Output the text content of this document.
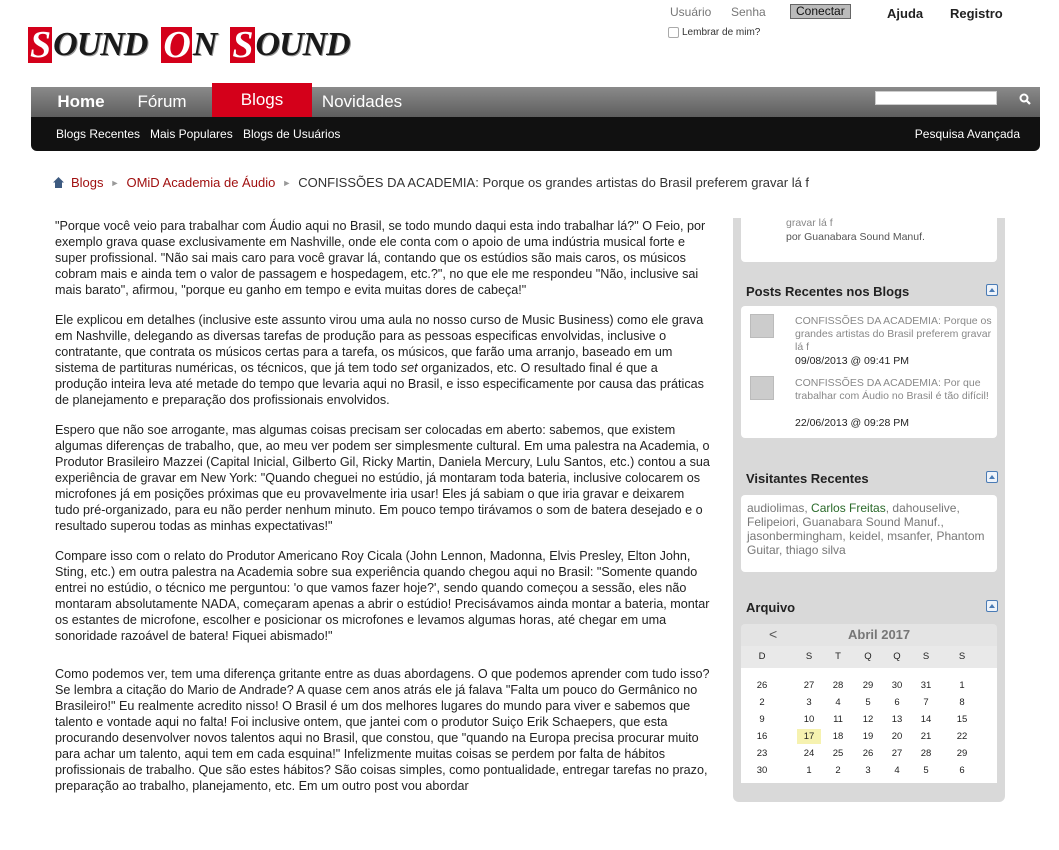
S OUND O N S OUND
Usuário Senha	Conectar
Lembrar de mim?
Ajuda Registro
Home	Fórum	Blogs	Novidades
Blogs Recentes Mais Populares Blogs de Usuários	Pesquisa Avançada
Blogs ► OMiD Academia de Áudio ► CONFISSÕES DA ACADEMIA: Porque os grandes artistas do Brasil preferem gravar lá f

"Porque você veio para trabalhar com Áudio aqui no Brasil, se todo mundo daqui esta indo trabalhar lá?" O Feio, por exemplo grava quase exclusivamente em Nashville, onde ele conta com o apoio de uma indústria musical forte e super profissional. "Não sai mais caro para você gravar lá, contando que os estúdios são mais caros, os músicos cobram mais e ainda tem o valor de passagem e hospedagem, etc.?", no que ele me respondeu "Não, inclusive sai mais barato", afirmou, "porque eu ganho em tempo e evita muitas dores de cabeça!"

Ele explicou em detalhes (inclusive este assunto virou uma aula no nosso curso de Music Business) como ele grava em Nashville, delegando as diversas tarefas de produção para as pessoas especificas envolvidas, inclusive o contratante, que contrata os músicos certas para a tarefa, os músicos, que farão uma arranjo, baseado em um sistema de partituras numéricas, os técnicos, que já tem todo set organizados, etc. O resultado final é que a produção inteira leva até metade do tempo que levaria aqui no Brasil, e isso especificamente por causa das práticas de planejamento e preparação dos profissionais envolvidos.

Espero que não soe arrogante, mas algumas coisas precisam ser colocadas em aberto: sabemos, que existem algumas diferenças de trabalho, que, ao meu ver podem ser simplesmente cultural. Em uma palestra na Academia, o Produtor Brasileiro Mazzei (Capital Inicial, Gilberto Gil, Ricky Martin, Daniela Mercury, Lulu Santos, etc.) contou a sua experiência de gravar em New York: "Quando cheguei no estúdio, já montaram toda bateria, inclusive colocarem os microfones já em posições próximas que eu provavelmente iria usar! Eles já sabiam o que iria gravar e deixarem tudo pré-organizado, para eu não perder nenhum minuto. Em pouco tempo tirávamos o som de batera desejado e o resultado superou todas as minhas expectativas!"

Compare isso com o relato do Produtor Americano Roy Cicala (John Lennon, Madonna, Elvis Presley, Elton John, Sting, etc.) em outra palestra na Academia sobre sua experiência quando chegou aqui no Brasil: "Somente quando entrei no estúdio, o técnico me perguntou: 'o que vamos fazer hoje?', sendo quando começou a sessão, eles não montaram absolutamente NADA, começaram apenas a abrir o estúdio! Precisávamos ainda montar a bateria, montar os estantes de microfone, escolher e posicionar os microfones e levamos algumas horas, até chegar em uma sonoridade razoável de batera! Fiquei abismado!"

Como podemos ver, tem uma diferença gritante entre as duas abordagens. O que podemos aprender com tudo isso? Se lembra a citação do Mario de Andrade? A quase cem anos atrás ele já falava "Falta um pouco do Germânico no Brasileiro!" Eu realmente acredito nisso! O Brasil é um dos melhores lugares do mundo para viver e sabemos que talento e vontade aqui no falta! Foi inclusive ontem, que jantei com o produtor Suiço Erik Schaepers, que esta procurando desenvolver novos talentos aqui no Brasil, que constou, que "quando na Europa precisa procurar muito para achar um talento, aqui tem em cada esquina!" Infelizmente muitas coisas se perdem por falta de hábitos profissionais de trabalho. Que são estes hábitos? São coisas simples, como pontualidade, entregar tarefas no prazo, preparação ao trabalho, planejamento, etc. Em um outro post vou abordar

gravar lá f
por Guanabara Sound Manuf.
Posts Recentes nos Blogs
CONFISSÕES DA ACADEMIA: Porque os grandes artistas do Brasil preferem gravar lá f
09/08/2013 @ 09:41 PM
CONFISSÕES DA ACADEMIA: Por que trabalhar com Áudio no Brasil é tão difícil!
22/06/2013 @ 09:28 PM
Visitantes Recentes
audiolimas, Carlos Freitas, dahouselive, Felipeiori, Guanabara Sound Manuf., jasonbermingham, keidel, msanfer, Phantom Guitar, thiago silva
Arquivo
<	Abril 2017
D	S	T	Q	Q	S	S
26	27	28	29	30	31	1
2	3	4	5	6	7	8
9	10	11	12	13	14	15
16	17	18	19	20	21	22
23	24	25	26	27	28	29
30	1	2	3	4	5	6
